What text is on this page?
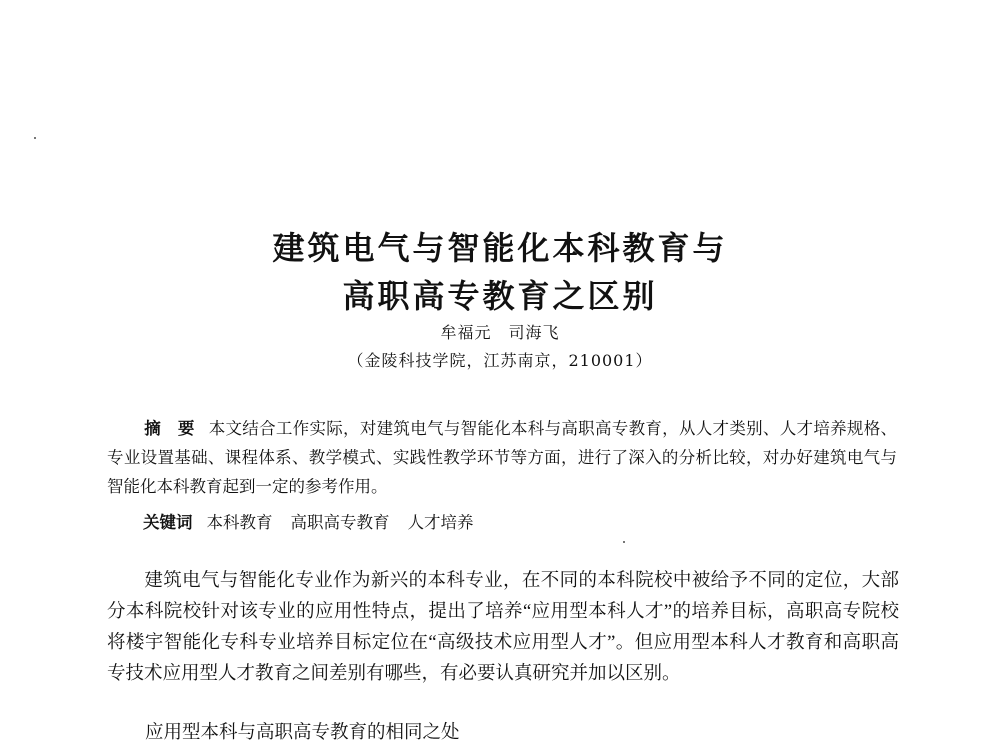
建筑电气与智能化本科教育与
高职高专教育之区别
牟福元　司海飞
（金陵科技学院，江苏南京，210001）

摘　要 本文结合工作实际，对建筑电气与智能化本科与高职高专教育，从人才类别、人才培养规格、专业设置基础、课程体系、教学模式、实践性教学环节等方面，进行了深入的分析比较，对办好建筑电气与智能化本科教育起到一定的参考作用。

关键词 本科教育 高职高专教育 人才培养

建筑电气与智能化专业作为新兴的本科专业，在不同的本科院校中被给予不同的定位，大部分本科院校针对该专业的应用性特点，提出了培养“应用型本科人才”的培养目标，高职高专院校将楼宇智能化专科专业培养目标定位在“高级技术应用型人才”。但应用型本科人才教育和高职高专技术应用型人才教育之间差别有哪些，有必要认真研究并加以区别。

应用型本科与高职高专教育的相同之处
